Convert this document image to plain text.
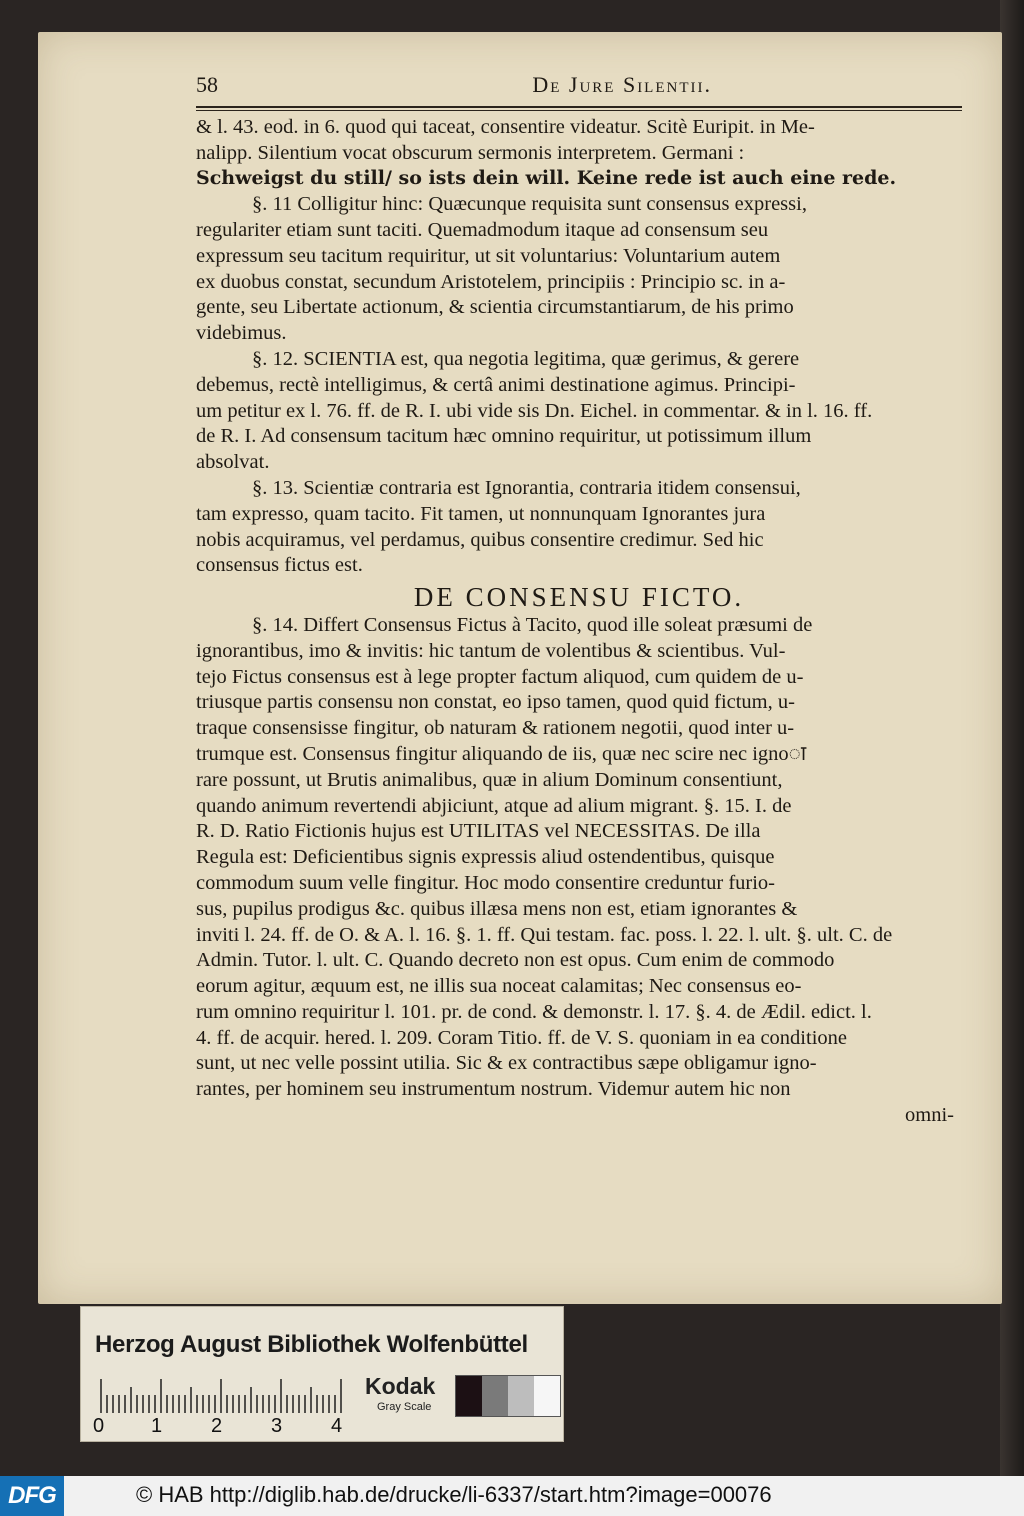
58	De Jure Silentii.

& l. 43. eod. in 6. quod qui taceat, consentire videatur. Scitè Euripit. in Me-

nalipp. Silentium vocat obscurum sermonis interpretem. Germani :

Schweigst du still/ so ists dein will. Keine rede ist auch eine rede.

§. 11 Colligitur hinc: Quæcunque requisita sunt consensus expressi,

regulariter etiam sunt taciti. Quemadmodum itaque ad consensum seu

expressum seu tacitum requiritur, ut sit voluntarius: Voluntarium autem

ex duobus constat, secundum Aristotelem, principiis : Principio sc. in a-

gente, seu Libertate actionum, & scientia circumstantiarum, de his primo

videbimus.

§. 12. SCIENTIA est, qua negotia legitima, quæ gerimus, & gerere

debemus, rectè intelligimus, & certâ animi destinatione agimus. Principi-

um petitur ex l. 76. ff. de R. I. ubi vide sis Dn. Eichel. in commentar. & in l. 16. ff.

de R. I. Ad consensum tacitum hæc omnino requiritur, ut potissimum illum

absolvat.

§. 13. Scientiæ contraria est Ignorantia, contraria itidem consensui,

tam expresso, quam tacito. Fit tamen, ut nonnunquam Ignorantes jura

nobis acquiramus, vel perdamus, quibus consentire credimur. Sed hic

consensus fictus est.

DE CONSENSU FICTO.

§. 14. Differt Consensus Fictus à Tacito, quod ille soleat præsumi de

ignorantibus, imo & invitis: hic tantum de volentibus & scientibus. Vul-

tejo Fictus consensus est à lege propter factum aliquod, cum quidem de u-

triusque partis consensu non constat, eo ipso tamen, quod quid fictum, u-

traque consensisse fingitur, ob naturam & rationem negotii, quod inter u-

trumque est. Consensus fingitur aliquando de iis, quæ nec scire nec ignoा

rare possunt, ut Brutis animalibus, quæ in alium Dominum consentiunt,

quando animum revertendi abjiciunt, atque ad alium migrant. §. 15. I. de

R. D. Ratio Fictionis hujus est UTILITAS vel NECESSITAS. De illa

Regula est: Deficientibus signis expressis aliud ostendentibus, quisque

commodum suum velle fingitur. Hoc modo consentire creduntur furio-

sus, pupilus prodigus &c. quibus illæsa mens non est, etiam ignorantes &

inviti l. 24. ff. de O. & A. l. 16. §. 1. ff. Qui testam. fac. poss. l. 22. l. ult. §. ult. C. de

Admin. Tutor. l. ult. C. Quando decreto non est opus. Cum enim de commodo

eorum agitur, æquum est, ne illis sua noceat calamitas; Nec consensus eo-

rum omnino requiritur l. 101. pr. de cond. & demonstr. l. 17. §. 4. de Ædil. edict. l.

4. ff. de acquir. hered. l. 209. Coram Titio. ff. de V. S. quoniam in ea conditione

sunt, ut nec velle possint utilia. Sic & ex contractibus sæpe obligamur igno-

rantes, per hominem seu instrumentum nostrum. Videmur autem hic non

omni-

Herzog August Bibliothek Wolfenbüttel
0 1 2 3 4
Kodak
Gray Scale
DFG	© HAB http://diglib.hab.de/drucke/li-6337/start.htm?image=00076
